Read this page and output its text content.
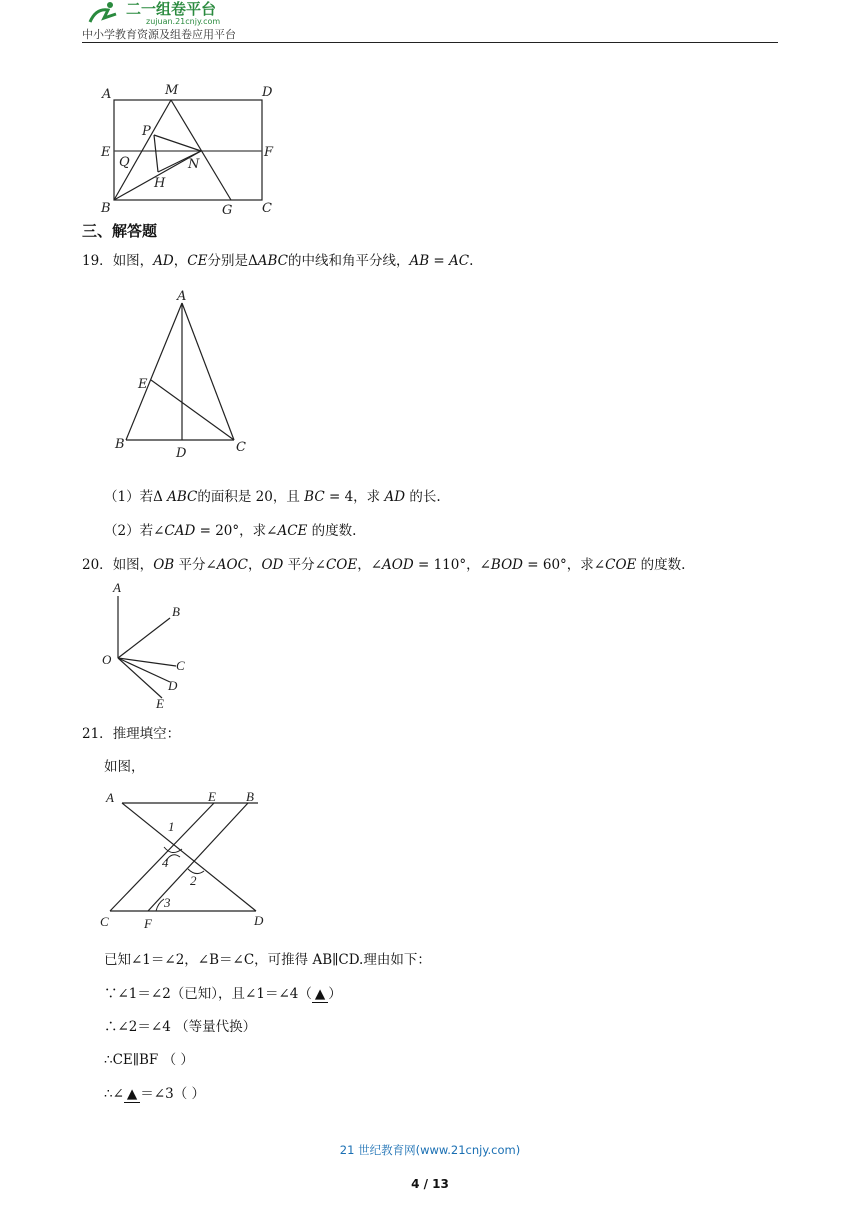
二一组卷平台
zujuan.21cnjy.com
中小学教育资源及组卷应用平台
A	M	D
P
E
Q	N
F
H
B	G C
三、解答题
19．如图，AD，CE分别是ΔABC的中线和角平分线，AB = AC.
A
E
B
D	C
（1）若Δ ABC的面积是 20，且 BC = 4，求 AD 的长.
（2）若∠CAD = 20°，求∠ACE 的度数.
20．如图，OB 平分∠AOC，OD 平分∠COE，∠AOD = 110°，∠BOD = 60°，求∠COE 的度数.
A
B
O	C
D
E
21．推理填空：
如图，
A	E B
1
4
2
3
C	F	D
已知∠1＝∠2，∠B＝∠C，可推得 AB∥CD.理由如下：
∵∠1＝∠2（已知），且∠1＝∠4（ ▲ ）
∴∠2＝∠4 （等量代换）
∴CE∥BF （ ）
∴∠ ▲ ＝∠3（ ）
21 世纪教育网(www.21cnjy.com)
4 / 13
